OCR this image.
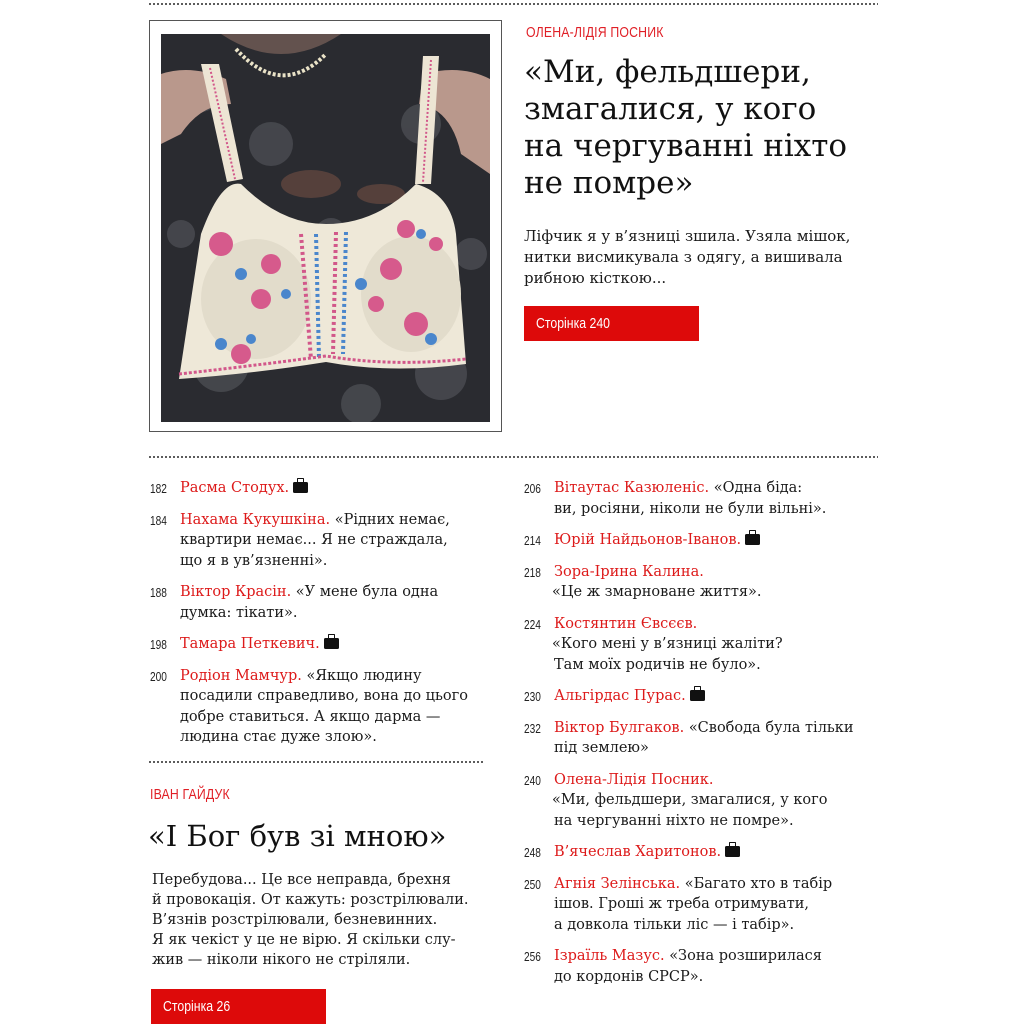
ОЛЕНА-ЛІДІЯ ПОСНИК
«Ми, фельдшери,
змагалися, у кого
на чергуванні ніхто
не помре»
Ліфчик я у в’язниці зшила. Узяла мішок,
нитки висмикувала з одягу, а вишивала
рибною кісткою...
Сторінка 240
182 Расма Стодух.
184 Нахама Кукушкіна. «Рідних немає,
квартири немає... Я не страждала,
що я в ув’язненні».
188 Віктор Красін. «У мене була одна
думка: тікати».
198 Тамара Петкевич.
200 Родіон Мамчур. «Якщо людину
посадили справедливо, вона до цього
добре ставиться. А якщо дарма —
людина стає дуже злою».
ІВАН ГАЙДУК
«І Бог був зі мною»
Перебудова... Це все неправда, брехня
й провокація. От кажуть: розстрілювали.
В’язнів розстрілювали, безневинних.
Я як чекіст у це не вірю. Я скільки слу-
жив — ніколи нікого не стріляли.
Сторінка 26
206 Вітаутас Казюленіс. «Одна біда:
ви, росіяни, ніколи не були вільні».
214 Юрій Найдьонов-Іванов.
218 Зора-Ірина Калина.
«Це ж змарноване життя».
224 Костянтин Євсєєв.
«Кого мені у в’язниці жаліти?
Там моїх родичів не було».
230 Альгірдас Пурас.
232 Віктор Булгаков. «Свобода була тільки
під землею»
240 Олена-Лідія Посник.
«Ми, фельдшери, змагалися, у кого
на чергуванні ніхто не помре».
248 В’ячеслав Харитонов.
250 Агнія Зелінська. «Багато хто в табір
ішов. Гроші ж треба отримувати,
а довкола тільки ліс — і табір».
256 Ізраїль Мазус. «Зона розширилася
до кордонів СРСР».
